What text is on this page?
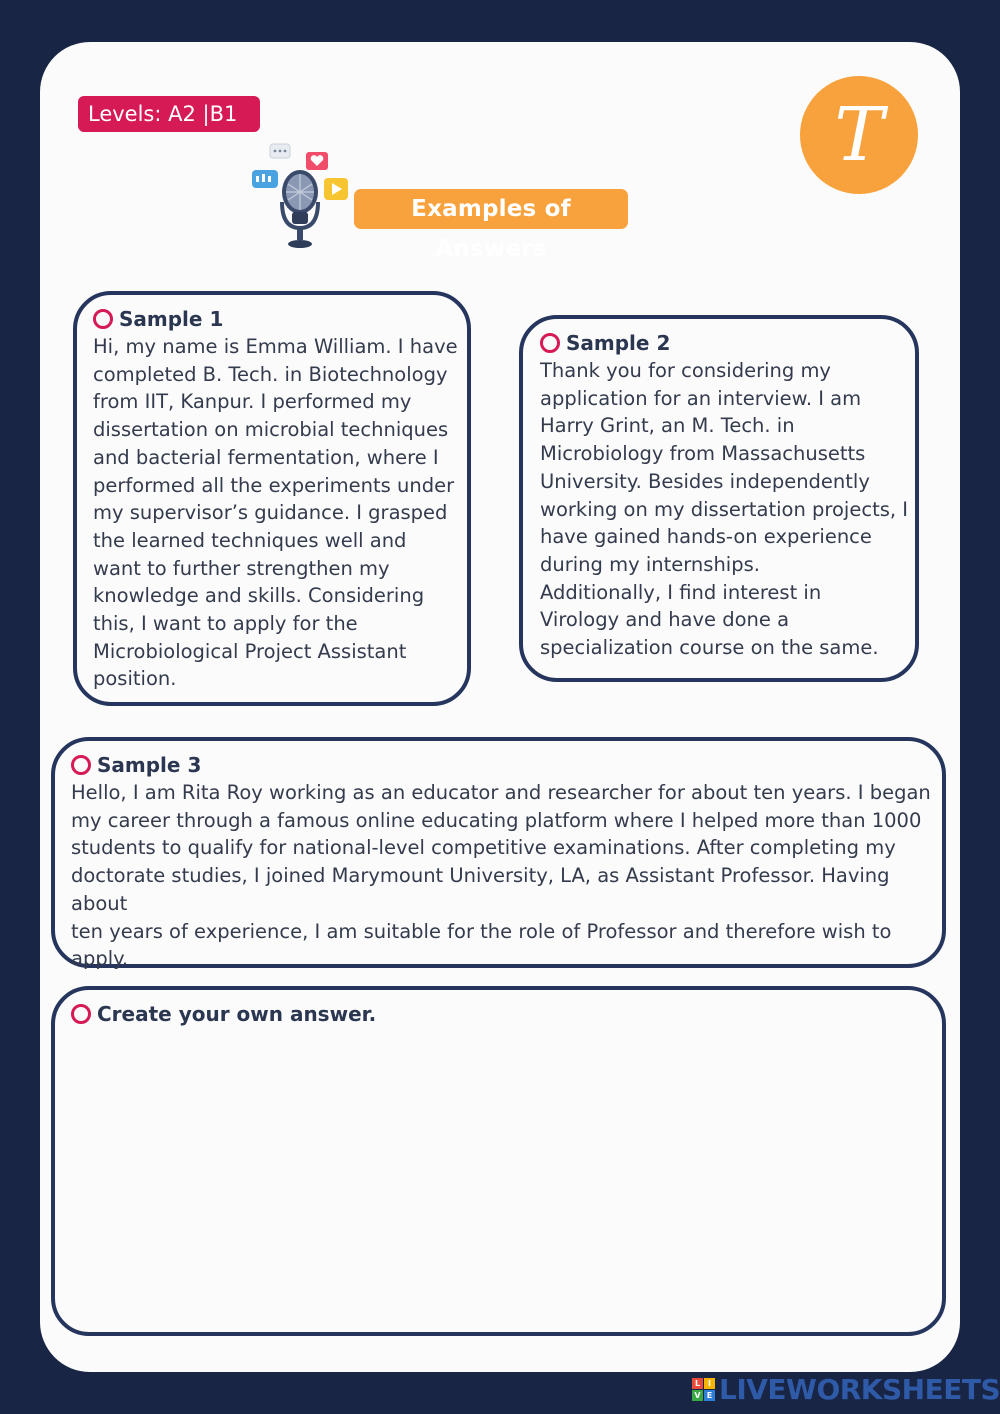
Levels: A2 |B1	T
Examples of Answers
Sample 1

Hi, my name is Emma William. I have
completed B. Tech. in Biotechnology
from IIT, Kanpur. I performed my
dissertation on microbial techniques
and bacterial fermentation, where I
performed all the experiments under
my supervisor’s guidance. I grasped
the learned techniques well and
want to further strengthen my
knowledge and skills. Considering
this, I want to apply for the
Microbiological Project Assistant
position.

Sample 2

Thank you for considering my
application for an interview. I am
Harry Grint, an M. Tech. in
Microbiology from Massachusetts
University. Besides independently
working on my dissertation projects, I
have gained hands-on experience
during my internships.
Additionally, I find interest in
Virology and have done a
specialization course on the same.

Sample 3

Hello, I am Rita Roy working as an educator and researcher for about ten years. I began
my career through a famous online educating platform where I helped more than 1000
students to qualify for national-level competitive examinations. After completing my
doctorate studies, I joined Marymount University, LA, as Assistant Professor. Having about
ten years of experience, I am suitable for the role of Professor and therefore wish to
apply.

Create your own answer.
L I
V E LIVEWORKSHEETS
